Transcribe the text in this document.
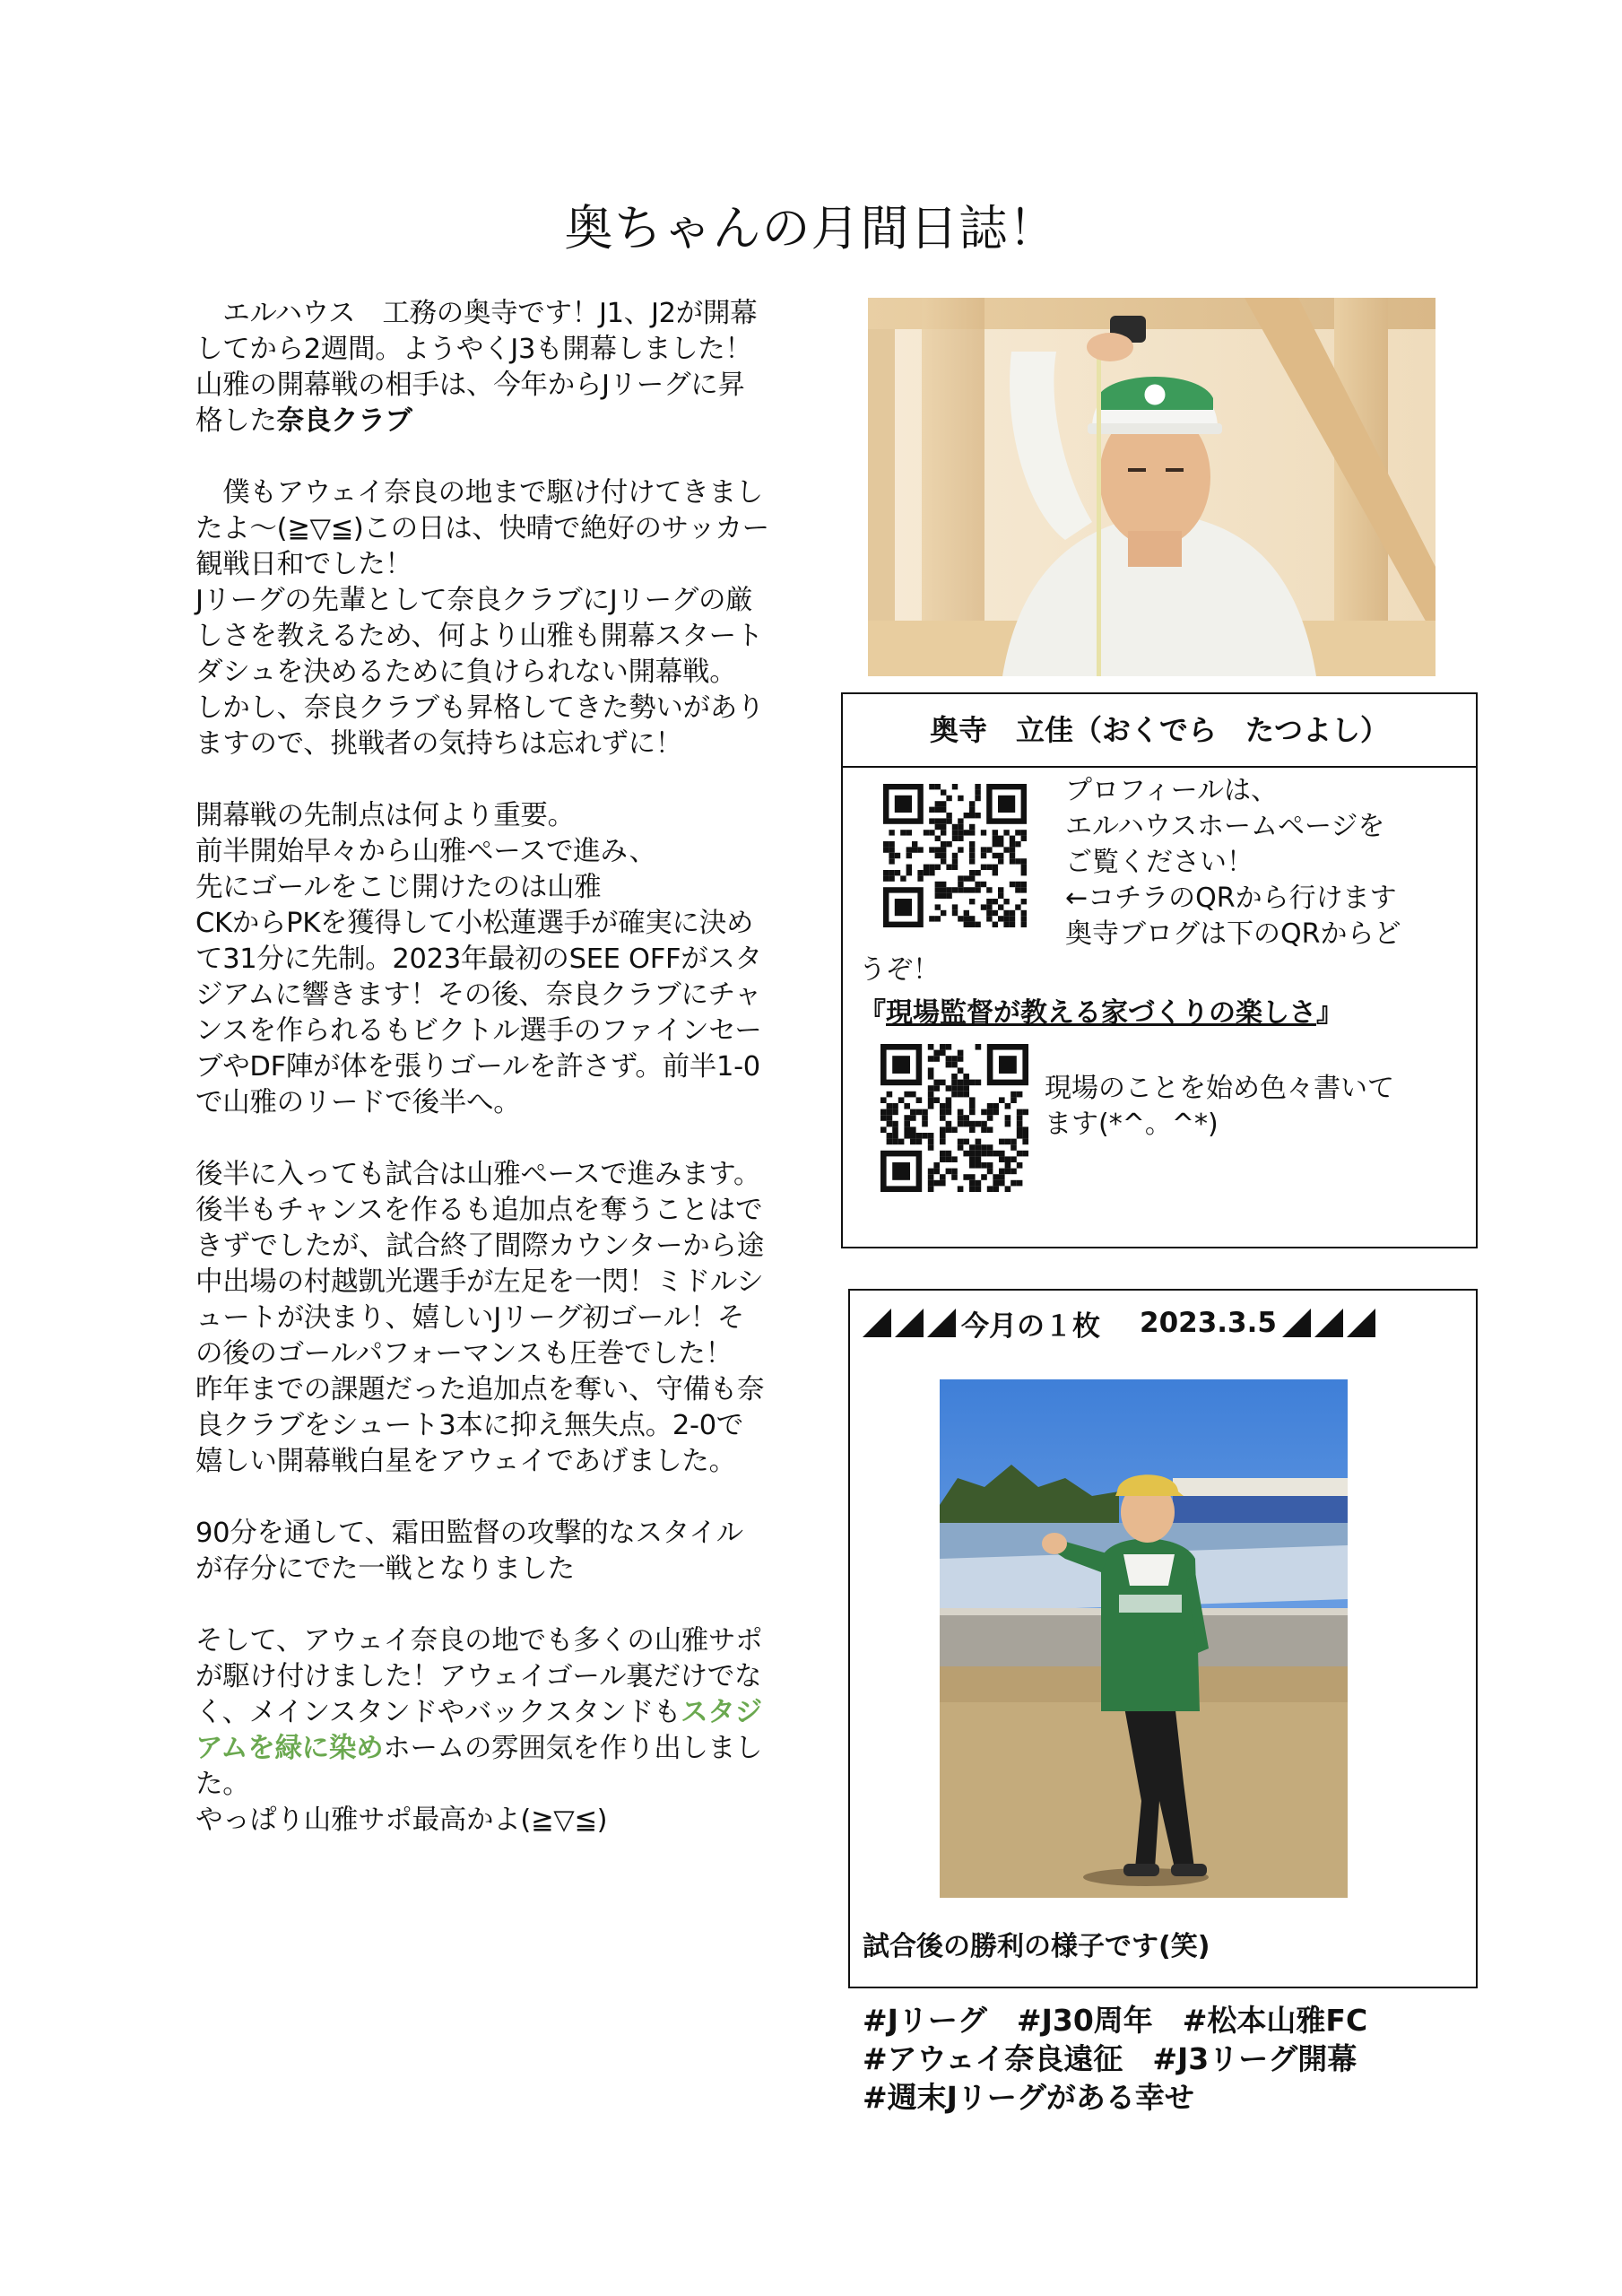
奥ちゃんの月間日誌！

　エルハウス　工務の奥寺です！J1、J2が開幕してから2週間。ようやくJ3も開幕しました！山雅の開幕戦の相手は、今年からJリーグに昇格した奈良クラブ

　僕もアウェイ奈良の地まで駆け付けてきましたよ～(≧▽≦)この日は、快晴で絶好のサッカー観戦日和でした！
Jリーグの先輩として奈良クラブにJリーグの厳しさを教えるため、何より山雅も開幕スタートダシュを決めるために負けられない開幕戦。
しかし、奈良クラブも昇格してきた勢いがありますので、挑戦者の気持ちは忘れずに！

開幕戦の先制点は何より重要。
前半開始早々から山雅ペースで進み、
先にゴールをこじ開けたのは山雅
CKからPKを獲得して小松蓮選手が確実に決めて31分に先制。2023年最初のSEE OFFがスタジアムに響きます！その後、奈良クラブにチャンスを作られるもビクトル選手のファインセーブやDF陣が体を張りゴールを許さず。前半1-0で山雅のリードで後半へ。

後半に入っても試合は山雅ペースで進みます。後半もチャンスを作るも追加点を奪うことはできずでしたが、試合終了間際カウンターから途中出場の村越凱光選手が左足を一閃！ミドルシュートが決まり、嬉しいJリーグ初ゴール！その後のゴールパフォーマンスも圧巻でした！
昨年までの課題だった追加点を奪い、守備も奈良クラブをシュート3本に抑え無失点。2-0で嬉しい開幕戦白星をアウェイであげました。

90分を通して、霜田監督の攻撃的なスタイルが存分にでた一戦となりました

そして、アウェイ奈良の地でも多くの山雅サポが駆け付けました！アウェイゴール裏だけでなく、メインスタンドやバックスタンドもスタジアムを緑に染めホームの雰囲気を作り出しました。
やっぱり山雅サポ最高かよ(≧▽≦)

奥寺　立佳（おくでら　たつよし）
プロフィールは、
エルハウスホームページを
ご覧ください！
←コチラのQRから行けます
奥寺ブログは下のQRからど
うぞ！
『現場監督が教える家づくりの楽しさ』
現場のことを始め色々書いて
ます(*^。^*)
今月の１枚 2023.3.5
試合後の勝利の様子です(笑)
#Jリーグ　#J30周年　#松本山雅FC
#アウェイ奈良遠征　#J3リーグ開幕
#週末Jリーグがある幸せ
